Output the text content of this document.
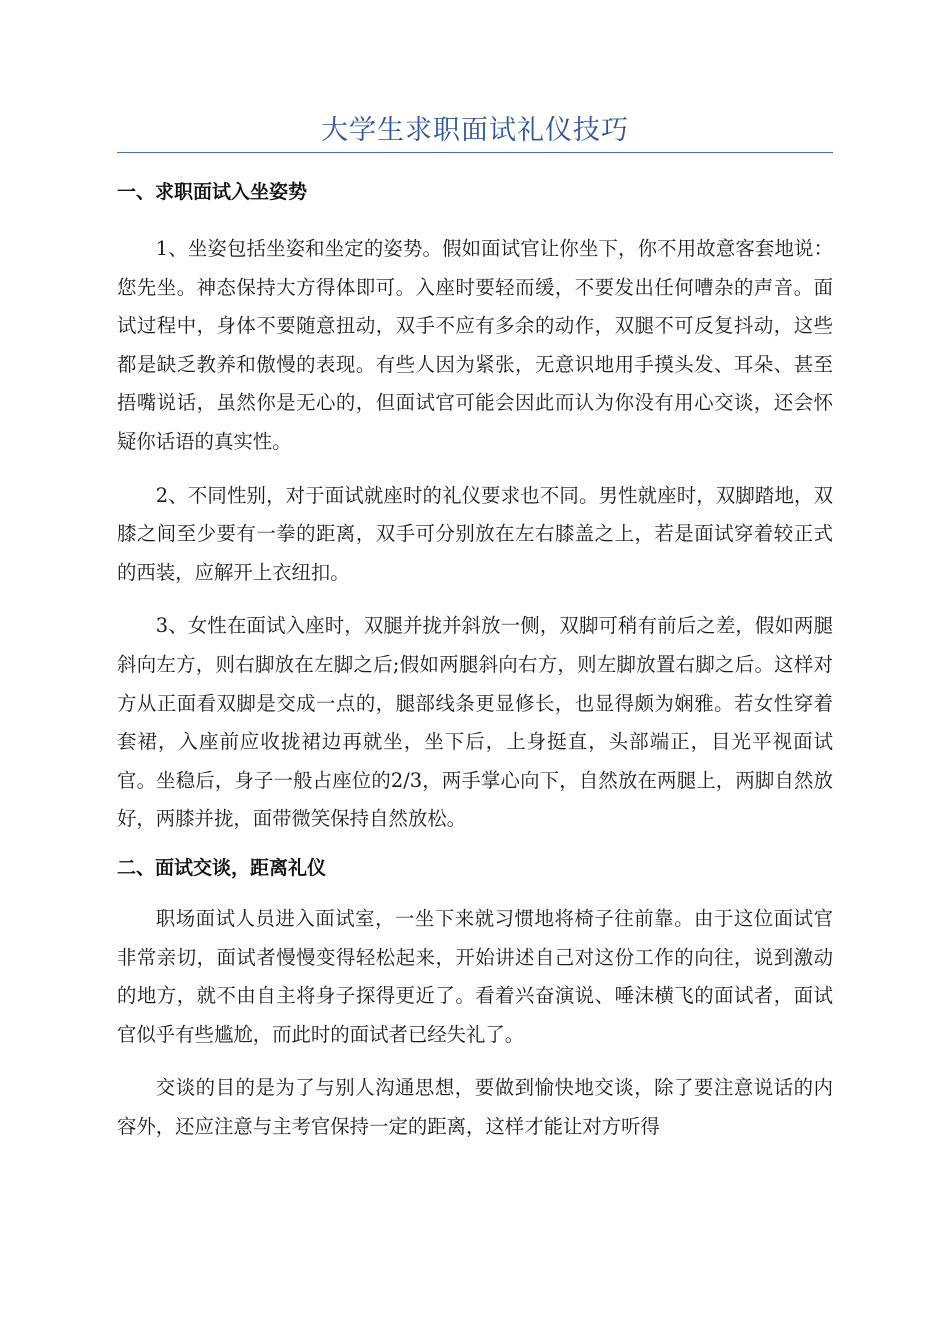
大学生求职面试礼仪技巧
一、求职面试入坐姿势

1、坐姿包括坐姿和坐定的姿势。假如面试官让你坐下，你不用故意客套地说：您先坐。神态保持大方得体即可。入座时要轻而缓，不要发出任何嘈杂的声音。面试过程中，身体不要随意扭动，双手不应有多余的动作，双腿不可反复抖动，这些都是缺乏教养和傲慢的表现。有些人因为紧张，无意识地用手摸头发、耳朵、甚至捂嘴说话，虽然你是无心的，但面试官可能会因此而认为你没有用心交谈，还会怀疑你话语的真实性。

2、不同性别，对于面试就座时的礼仪要求也不同。男性就座时，双脚踏地，双膝之间至少要有一拳的距离，双手可分别放在左右膝盖之上，若是面试穿着较正式的西装，应解开上衣纽扣。

3、女性在面试入座时，双腿并拢并斜放一侧，双脚可稍有前后之差，假如两腿斜向左方，则右脚放在左脚之后;假如两腿斜向右方，则左脚放置右脚之后。这样对方从正面看双脚是交成一点的，腿部线条更显修长，也显得颇为娴雅。若女性穿着套裙，入座前应收拢裙边再就坐，坐下后，上身挺直，头部端正，目光平视面试官。坐稳后，身子一般占座位的2/3，两手掌心向下，自然放在两腿上，两脚自然放好，两膝并拢，面带微笑保持自然放松。

二、面试交谈，距离礼仪

职场面试人员进入面试室，一坐下来就习惯地将椅子往前靠。由于这位面试官非常亲切，面试者慢慢变得轻松起来，开始讲述自己对这份工作的向往，说到激动的地方，就不由自主将身子探得更近了。看着兴奋演说、唾沫横飞的面试者，面试官似乎有些尴尬，而此时的面试者已经失礼了。

交谈的目的是为了与别人沟通思想，要做到愉快地交谈，除了要注意说话的内容外，还应注意与主考官保持一定的距离，这样才能让对方听得
